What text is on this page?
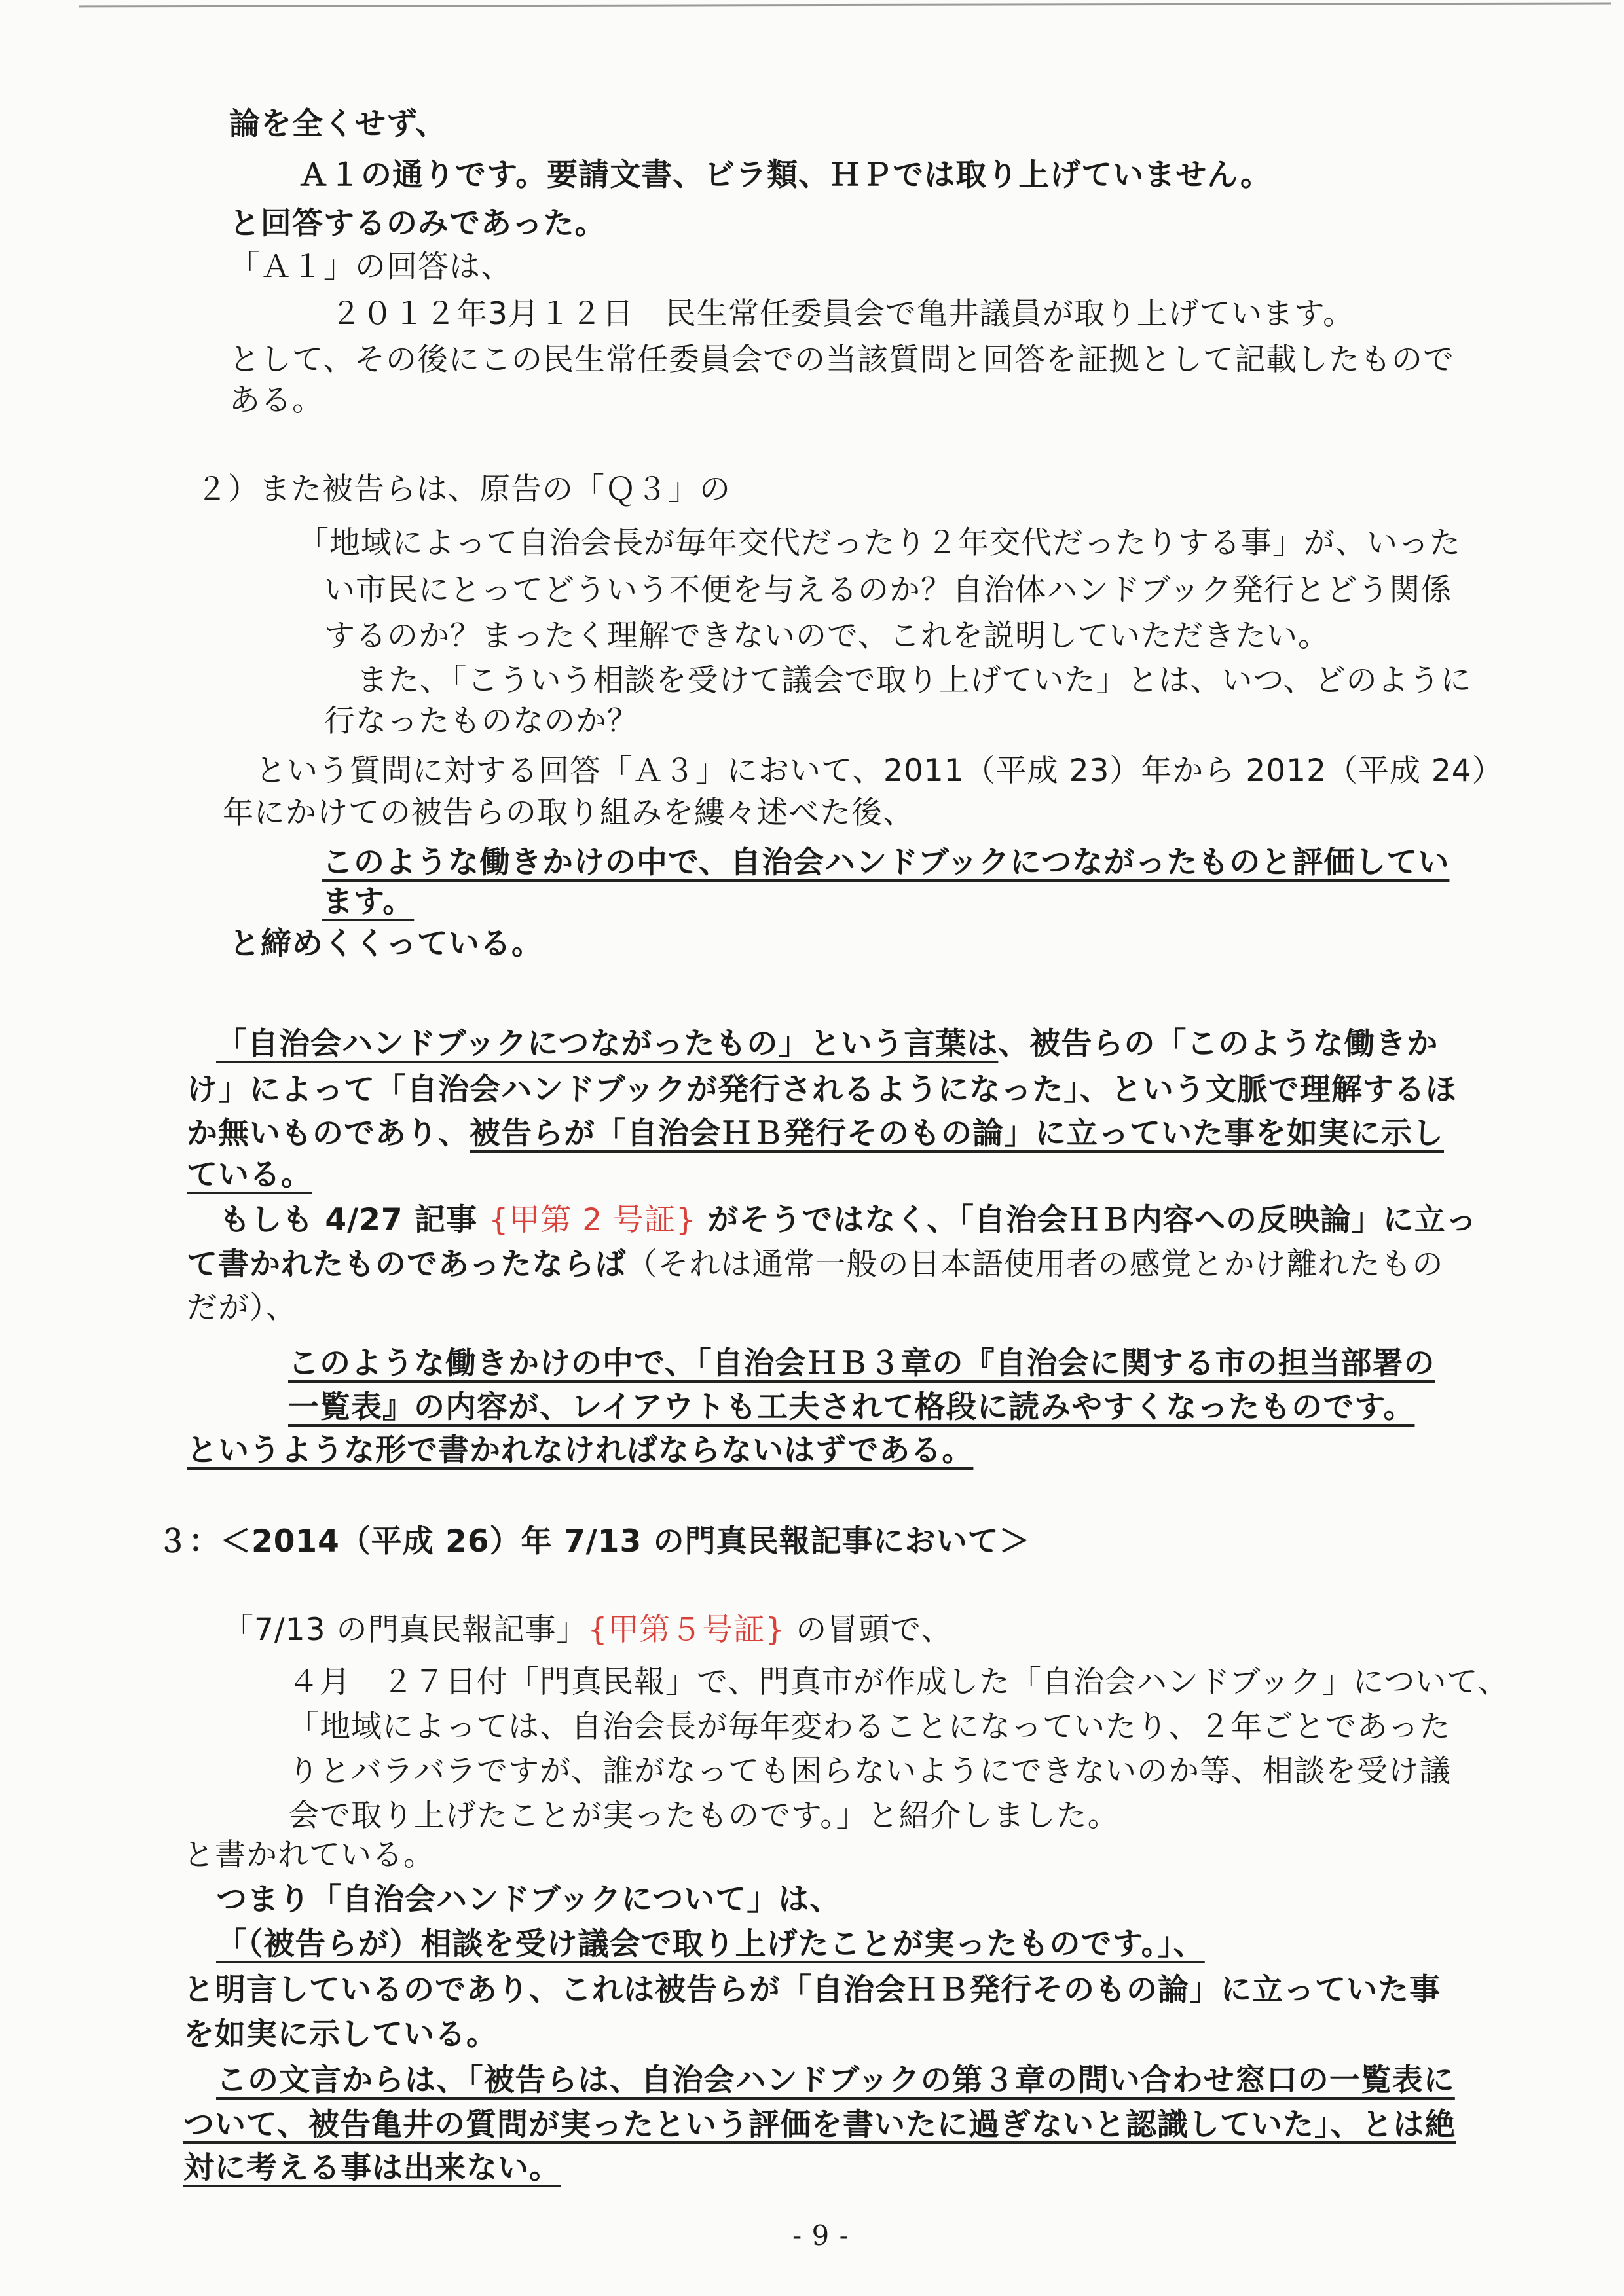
論を全くせず、
Ａ１の通りです。要請文書、ビラ類、ＨＰでは取り上げていません。
と回答するのみであった。
「Ａ１」の回答は、
２０１２年3月１２日　民生常任委員会で亀井議員が取り上げています。
として、その後にこの民生常任委員会での当該質問と回答を証拠として記載したもので
ある。
２）また被告らは、原告の「Ｑ３」の
「地域によって自治会長が毎年交代だったり２年交代だったりする事」が、いった
い市民にとってどういう不便を与えるのか？自治体ハンドブック発行とどう関係
するのか？まったく理解できないので、これを説明していただきたい。
また、「こういう相談を受けて議会で取り上げていた」とは、いつ、どのように
行なったものなのか？
という質問に対する回答「Ａ３」において、2011（平成 23）年から 2012（平成 24）
年にかけての被告らの取り組みを縷々述べた後、
このような働きかけの中で、自治会ハンドブックにつながったものと評価してい
ます。
と締めくくっている。
「自治会ハンドブックにつながったもの」という言葉は、被告らの「このような働きか
け」によって「自治会ハンドブックが発行されるようになった」、という文脈で理解するほ
か無いものであり、被告らが「自治会ＨＢ発行そのもの論」に立っていた事を如実に示し
ている。
もしも 4/27 記事 {甲第 2 号証} がそうではなく、「自治会ＨＢ内容への反映論」に立っ
て書かれたものであったならば（それは通常一般の日本語使用者の感覚とかけ離れたもの
だが）、
このような働きかけの中で、「自治会ＨＢ３章の『自治会に関する市の担当部署の
一覧表』の内容が、レイアウトも工夫されて格段に読みやすくなったものです。
というような形で書かれなければならないはずである。
３：＜2014（平成 26）年 7/13 の門真民報記事において＞
「7/13 の門真民報記事」{甲第５号証} の冒頭で、
４月　２７日付「門真民報」で、門真市が作成した「自治会ハンドブック」について、
「地域によっては、自治会長が毎年変わることになっていたり、２年ごとであった
りとバラバラですが、誰がなっても困らないようにできないのか等、相談を受け議
会で取り上げたことが実ったものです。」と紹介しました。
と書かれている。
つまり「自治会ハンドブックについて」は、
「（被告らが）相談を受け議会で取り上げたことが実ったものです。」、
と明言しているのであり、これは被告らが「自治会ＨＢ発行そのもの論」に立っていた事
を如実に示している。
この文言からは、「被告らは、自治会ハンドブックの第３章の問い合わせ窓口の一覧表に
ついて、被告亀井の質問が実ったという評価を書いたに過ぎないと認識していた」、とは絶
対に考える事は出来ない。
- 9 -
